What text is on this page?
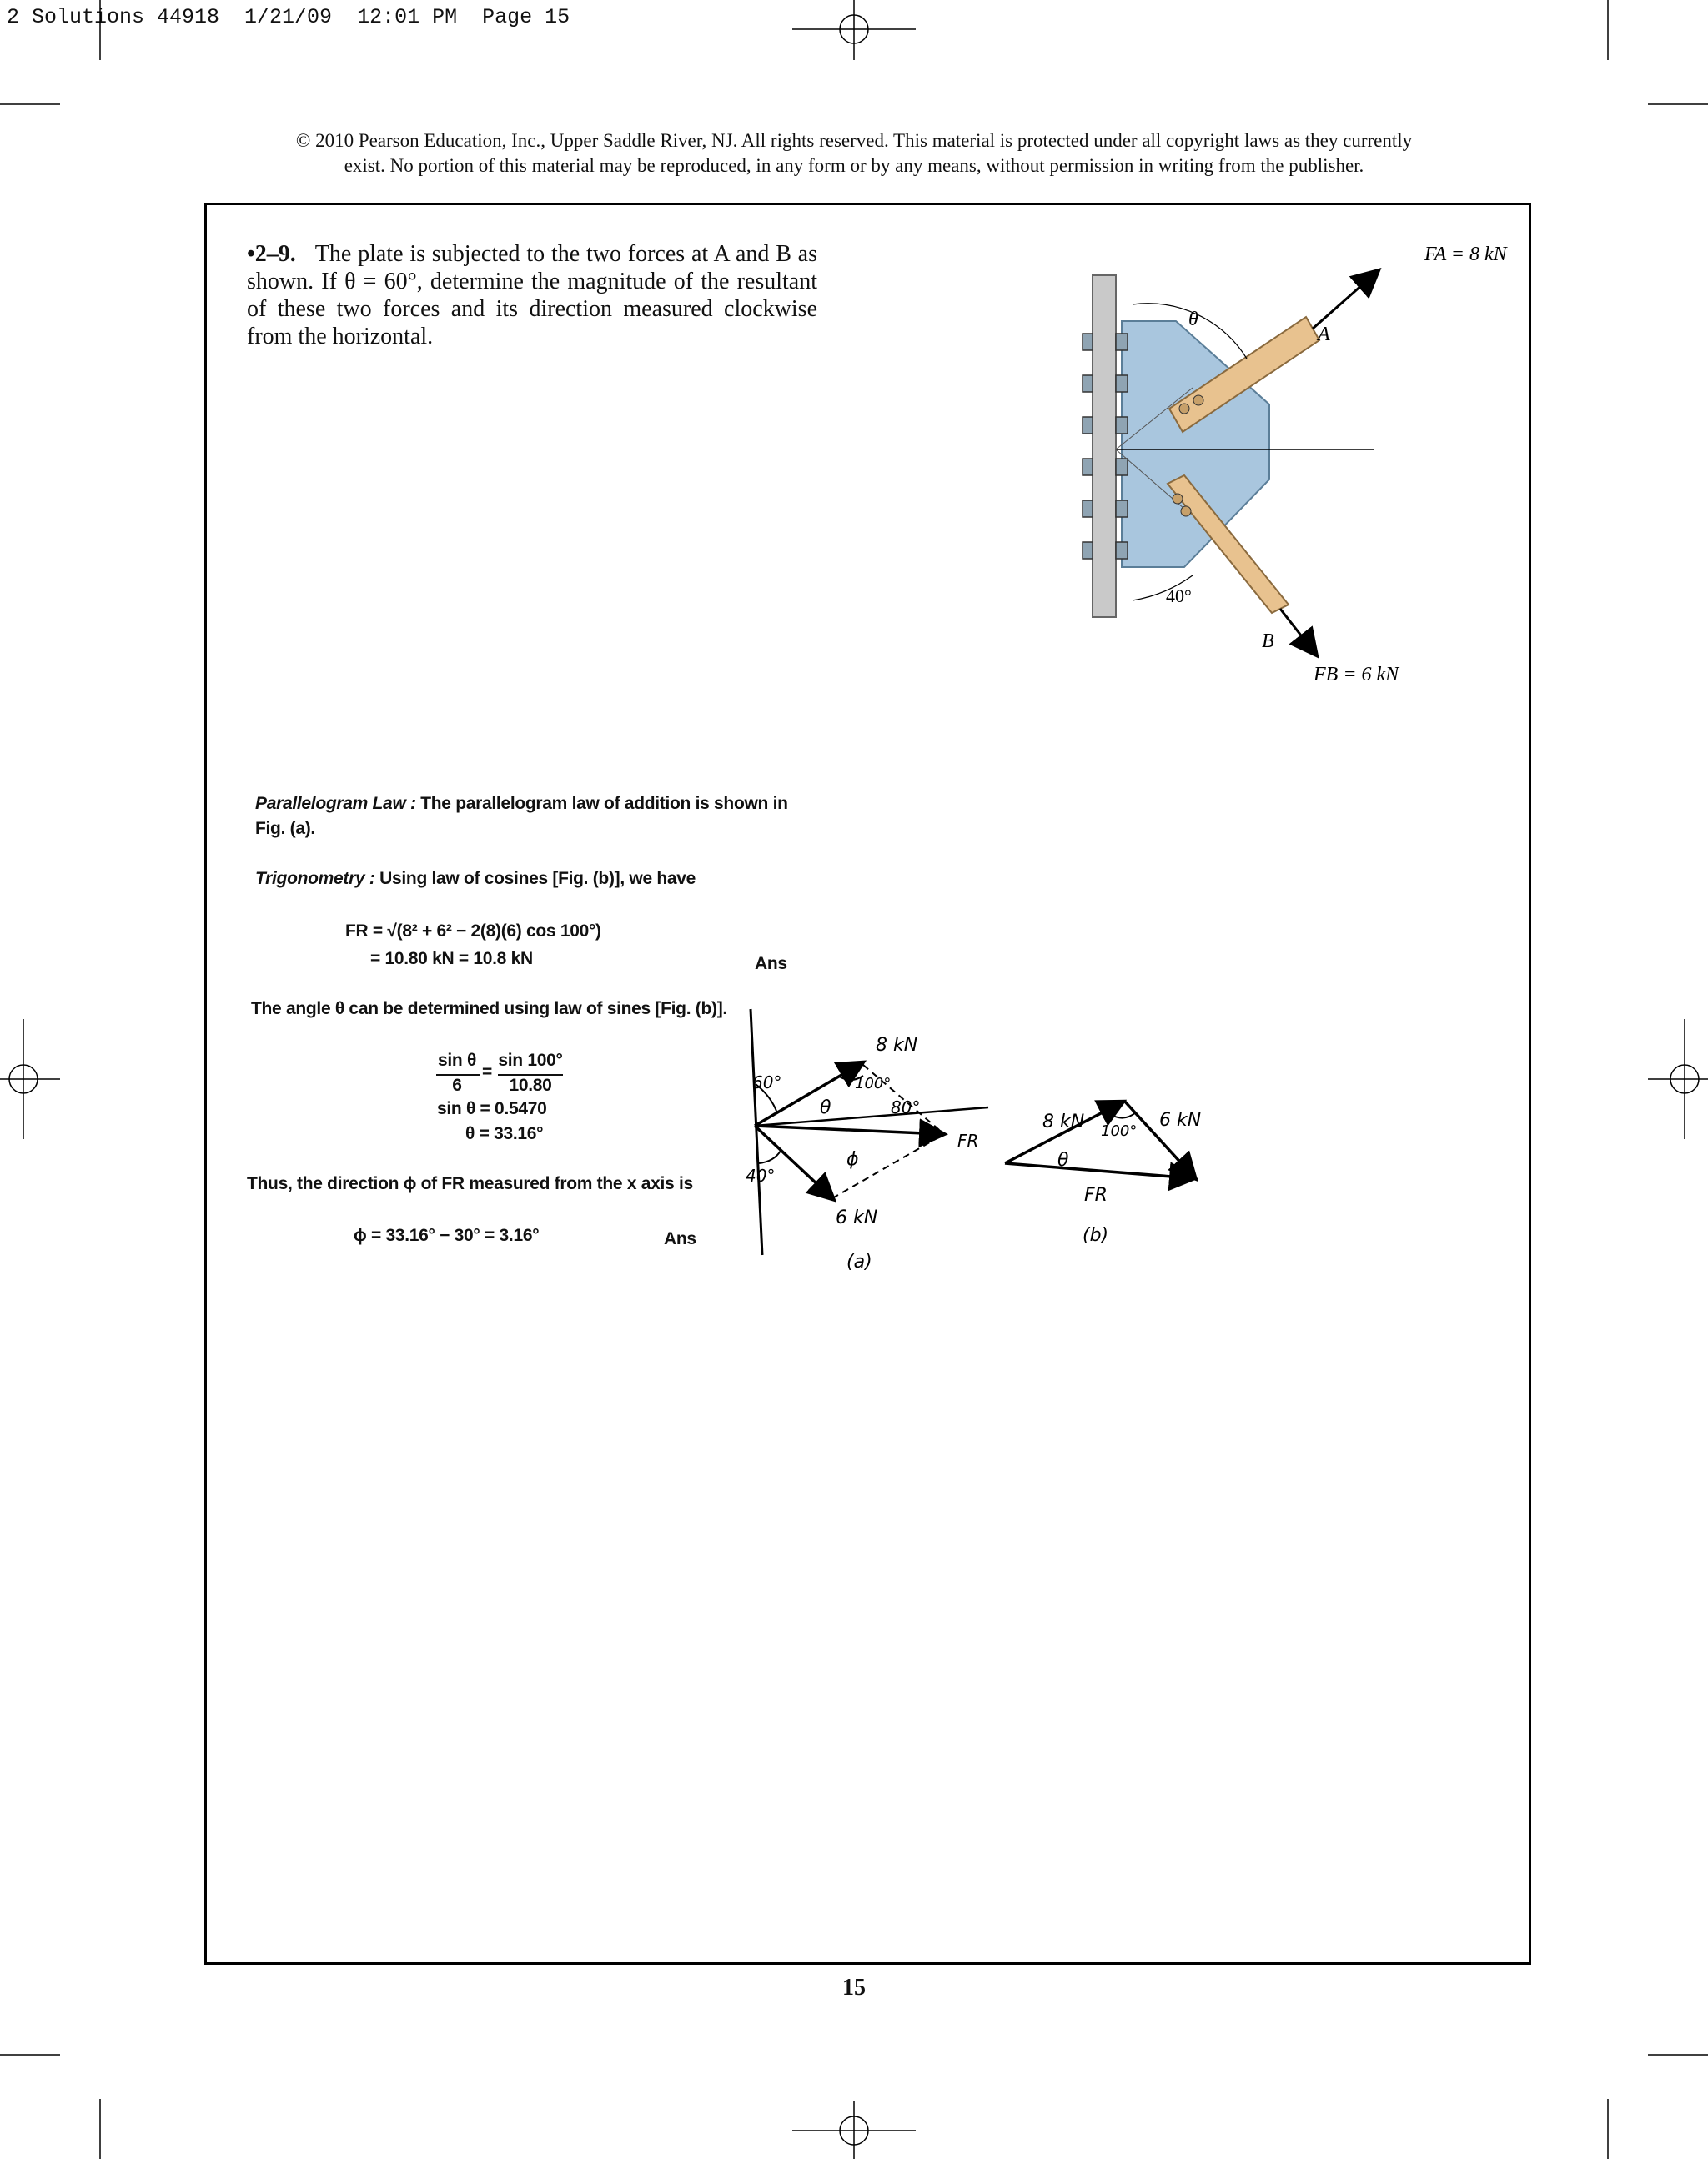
2 Solutions 44918  1/21/09  12:01 PM  Page 15
© 2010 Pearson Education, Inc., Upper Saddle River, NJ. All rights reserved. This material is protected under all copyright laws as they currently
exist. No portion of this material may be reproduced, in any form or by any means, without permission in writing from the publisher.
•2–9. The plate is subjected to the two forces at A and B as shown. If θ = 60°, determine the magnitude of the resultant of these two forces and its direction measured clockwise from the horizontal.
FA = 8 kN
A
θ
40°
B
FB = 6 kN
Parallelogram Law : The parallelogram law of addition is shown in
Fig. (a).
Trigonometry : Using law of cosines [Fig. (b)], we have
FR = √(8² + 6² − 2(8)(6) cos 100°)
= 10.80 kN = 10.8 kN	Ans
The angle θ can be determined using law of sines [Fig. (b)].
sin θ
6
=
sin 100°
10.80
sin θ = 0.5470
θ = 33.16°
Thus, the direction ϕ of FR measured from the x axis is
ϕ = 33.16° − 30° = 3.16°	Ans
8 kN
60°	100°
80°
θ
ϕ
FR
40°
6 kN
(a)
8 kN 100°
6 kN
θ
FR
(b)
15
